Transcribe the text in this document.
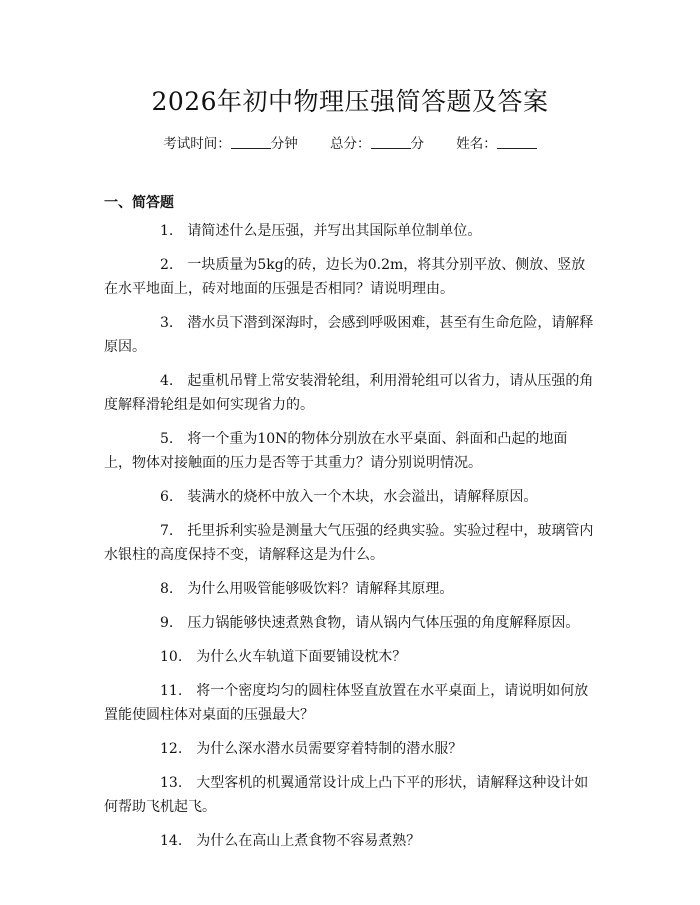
2026年初中物理压强简答题及答案
考试时间：	分钟 总分：	分 姓名：
一、简答题

1. 请简述什么是压强，并写出其国际单位制单位。

2. 一块质量为5kg的砖，边长为0.2m，将其分别平放、侧放、竖放在水平地面上，砖对地面的压强是否相同？请说明理由。

3. 潜水员下潜到深海时，会感到呼吸困难，甚至有生命危险，请解释原因。

4. 起重机吊臂上常安装滑轮组，利用滑轮组可以省力，请从压强的角度解释滑轮组是如何实现省力的。

5. 将一个重为10N的物体分别放在水平桌面、斜面和凸起的地面上，物体对接触面的压力是否等于其重力？请分别说明情况。

6. 装满水的烧杯中放入一个木块，水会溢出，请解释原因。

7. 托里拆利实验是测量大气压强的经典实验。实验过程中，玻璃管内水银柱的高度保持不变，请解释这是为什么。

8. 为什么用吸管能够吸饮料？请解释其原理。

9. 压力锅能够快速煮熟食物，请从锅内气体压强的角度解释原因。

10. 为什么火车轨道下面要铺设枕木？

11. 将一个密度均匀的圆柱体竖直放置在水平桌面上，请说明如何放置能使圆柱体对桌面的压强最大？

12. 为什么深水潜水员需要穿着特制的潜水服？

13. 大型客机的机翼通常设计成上凸下平的形状，请解释这种设计如何帮助飞机起飞。

14. 为什么在高山上煮食物不容易煮熟？
